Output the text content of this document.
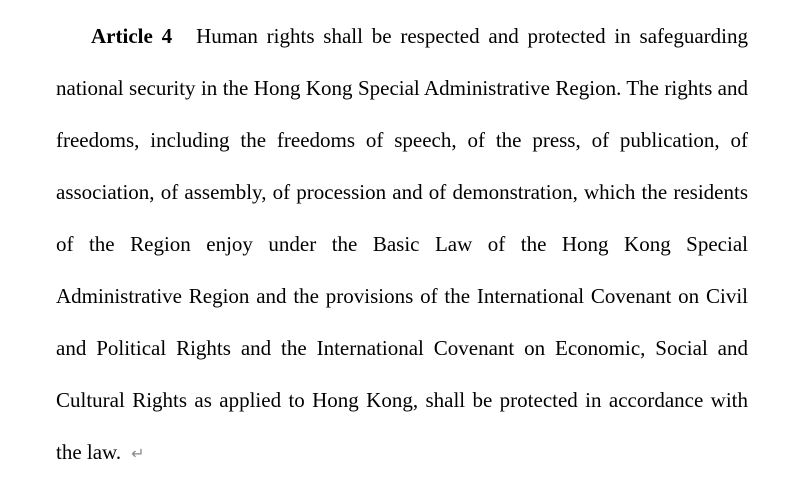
Article 4 Human rights shall be respected and protected in safeguarding national security in the Hong Kong Special Administrative Region. The rights and freedoms, including the freedoms of speech, of the press, of publication, of association, of assembly, of procession and of demonstration, which the residents of the Region enjoy under the Basic Law of the Hong Kong Special Administrative Region and the provisions of the International Covenant on Civil and Political Rights and the International Covenant on Economic, Social and Cultural Rights as applied to Hong Kong, shall be protected in accordance with the law. ↵
